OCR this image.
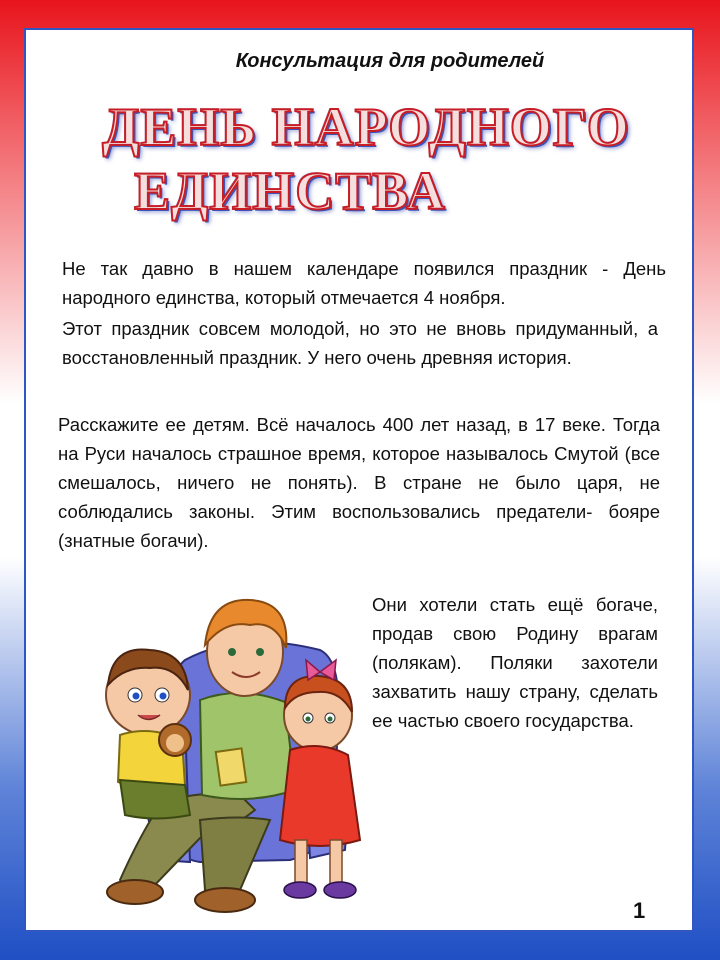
Консультация для родителей
ДЕНЬ НАРОДНОГО
ЕДИНСТВА
Не так давно в нашем календаре появился праздник - День народного единства, который отмечается 4 ноября.
Этот праздник совсем молодой, но это не вновь придуманный, а восстановленный праздник. У него очень древняя история.
Расскажите ее детям. Всё началось 400 лет назад, в 17 веке. Тогда на Руси началось страшное время, которое называлось Смутой (все смешалось, ничего не понять). В стране не было царя, не соблюдались законы. Этим воспользовались предатели- бояре (знатные богачи).
Они хотели стать ещё богаче, продав свою Родину врагам (полякам). Поляки захотели захватить нашу страну, сделать ее частью своего государства.
1
